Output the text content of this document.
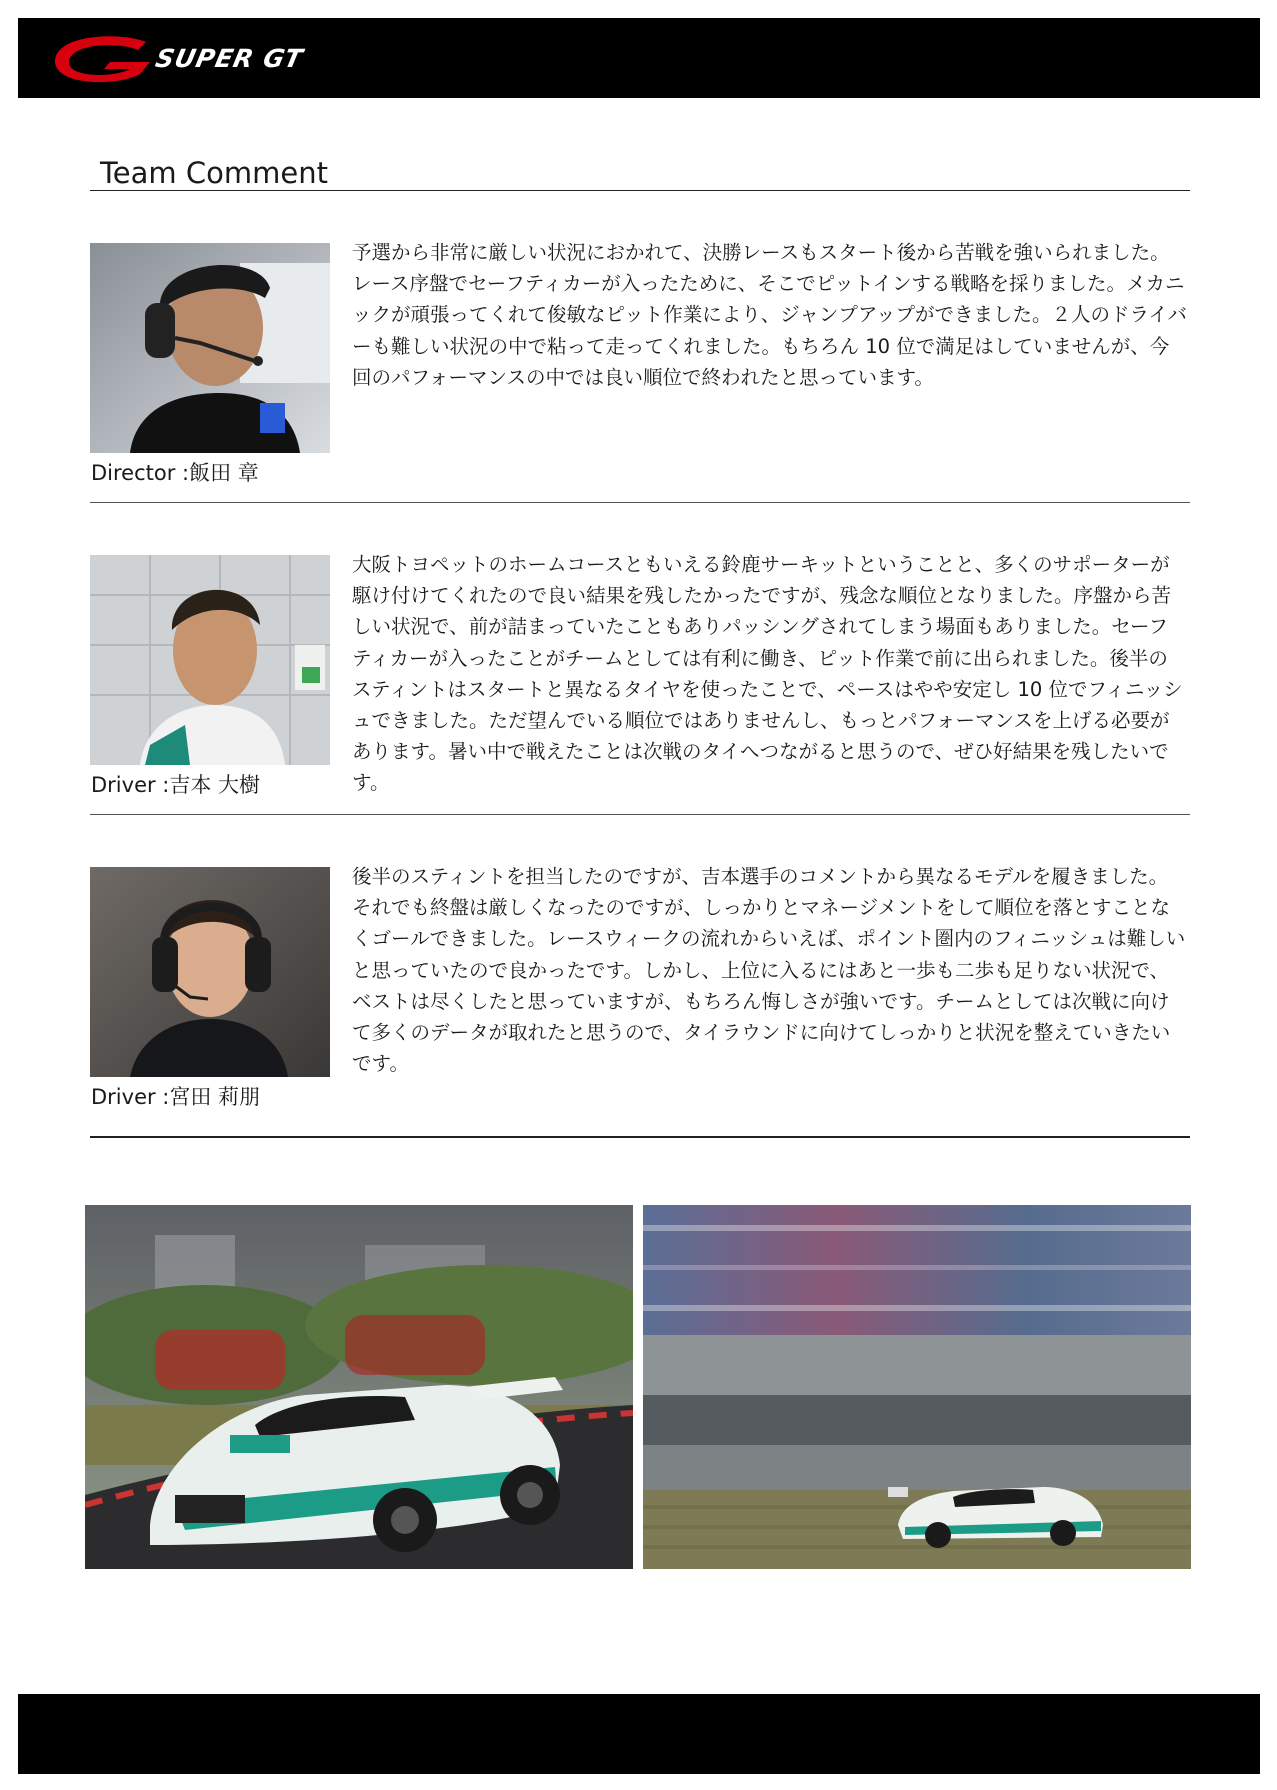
SUPER GT
Team Comment
Director :飯田 章

予選から非常に厳しい状況におかれて、決勝レースもスタート後から苦戦を強いられました。レース序盤でセーフティカーが入ったために、そこでピットインする戦略を採りました。メカニックが頑張ってくれて俊敏なピット作業により、ジャンプアップができました。２人のドライバーも難しい状況の中で粘って走ってくれました。もちろん 10 位で満足はしていませんが、今回のパフォーマンスの中では良い順位で終われたと思っています。

Driver :吉本 大樹

大阪トヨペットのホームコースともいえる鈴鹿サーキットということと、多くのサポーターが駆け付けてくれたので良い結果を残したかったですが、残念な順位となりました。序盤から苦しい状況で、前が詰まっていたこともありパッシングされてしまう場面もありました。セーフティカーが入ったことがチームとしては有利に働き、ピット作業で前に出られました。後半のスティントはスタートと異なるタイヤを使ったことで、ペースはやや安定し 10 位でフィニッシュできました。ただ望んでいる順位ではありませんし、もっとパフォーマンスを上げる必要があります。暑い中で戦えたことは次戦のタイへつながると思うので、ぜひ好結果を残したいです。

Driver :宮田 莉朋

後半のスティントを担当したのですが、吉本選手のコメントから異なるモデルを履きました。それでも終盤は厳しくなったのですが、しっかりとマネージメントをして順位を落とすことなくゴールできました。レースウィークの流れからいえば、ポイント圏内のフィニッシュは難しいと思っていたので良かったです。しかし、上位に入るにはあと一歩も二歩も足りない状況で、ベストは尽くしたと思っていますが、もちろん悔しさが強いです。チームとしては次戦に向けて多くのデータが取れたと思うので、タイラウンドに向けてしっかりと状況を整えていきたいです。
